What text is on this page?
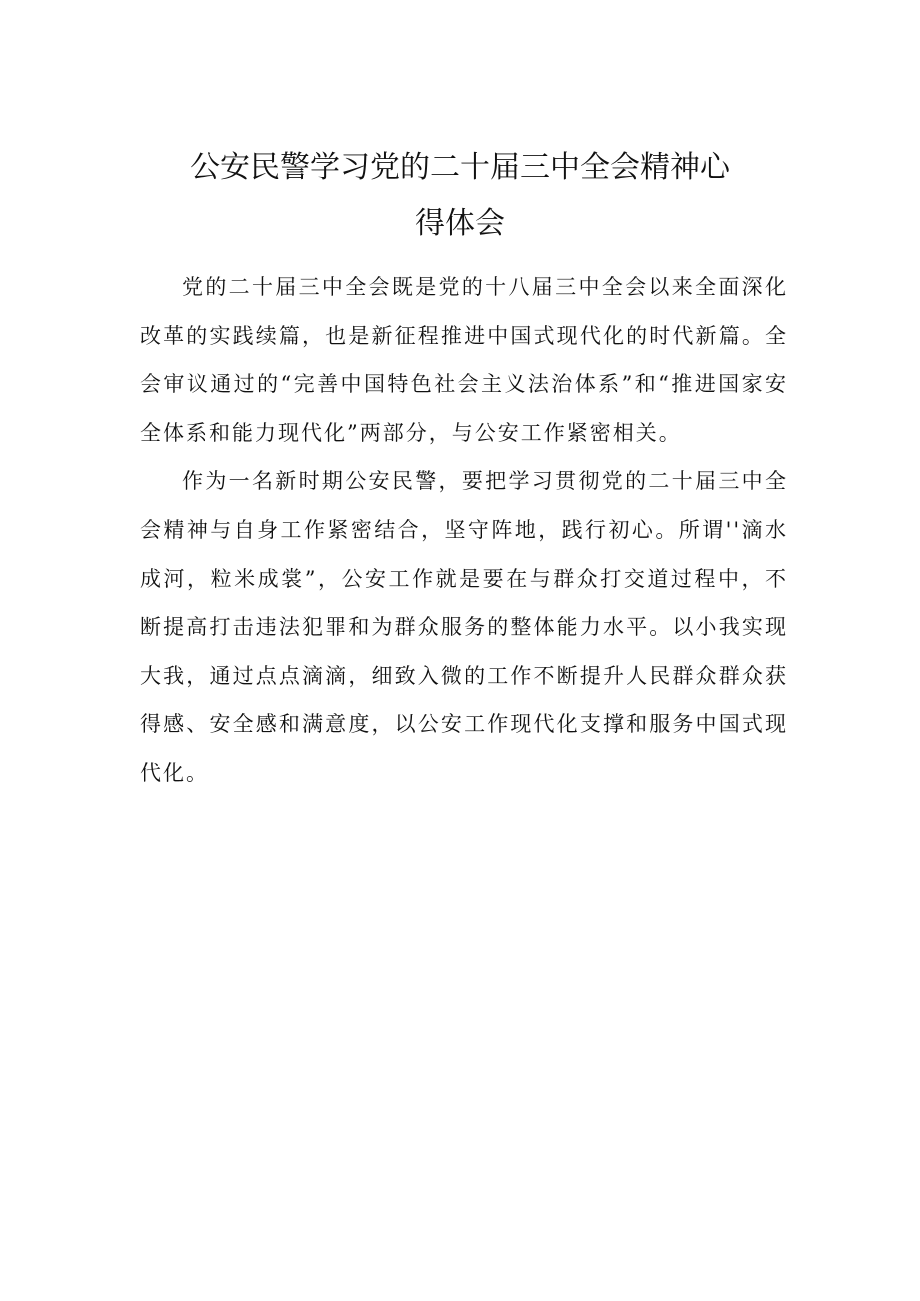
公安民警学习党的二十届三中全会精神心
得体会

党的二十届三中全会既是党的十八届三中全会以来全面深化改革的实践续篇，也是新征程推进中国式现代化的时代新篇。全会审议通过的“完善中国特色社会主义法治体系”和“推进国家安全体系和能力现代化”两部分，与公安工作紧密相关。

作为一名新时期公安民警，要把学习贯彻党的二十届三中全会精神与自身工作紧密结合，坚守阵地，践行初心。所谓''滴水成河，粒米成裳”，公安工作就是要在与群众打交道过程中，不断提高打击违法犯罪和为群众服务的整体能力水平。以小我实现大我，通过点点滴滴，细致入微的工作不断提升人民群众群众获得感、安全感和满意度，以公安工作现代化支撑和服务中国式现代化。
